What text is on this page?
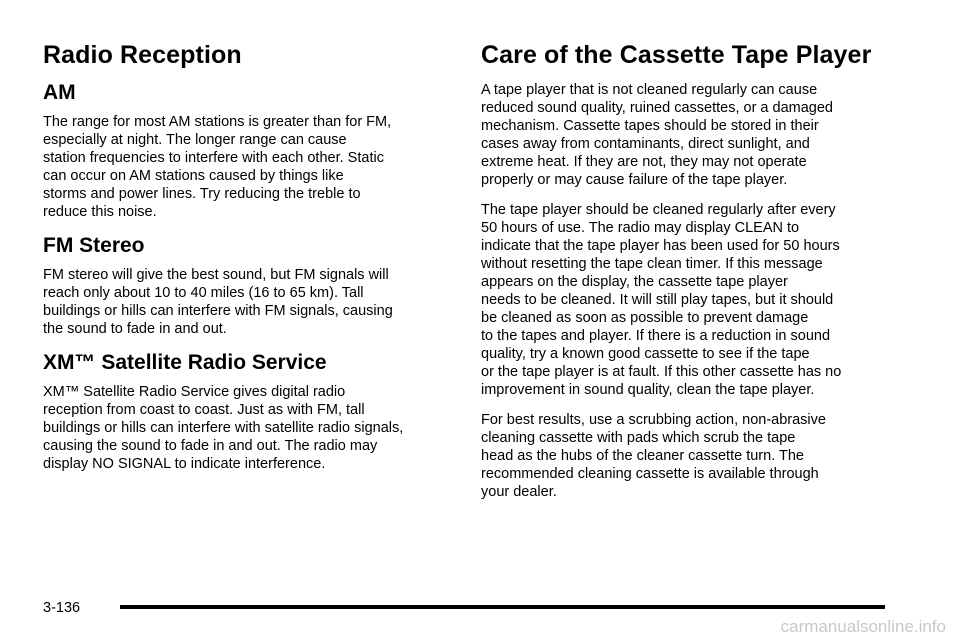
Radio Reception
AM

The range for most AM stations is greater than for FM,
especially at night. The longer range can cause
station frequencies to interfere with each other. Static
can occur on AM stations caused by things like
storms and power lines. Try reducing the treble to
reduce this noise.

FM Stereo

FM stereo will give the best sound, but FM signals will
reach only about 10 to 40 miles (16 to 65 km). Tall
buildings or hills can interfere with FM signals, causing
the sound to fade in and out.

XM™ Satellite Radio Service

XM™ Satellite Radio Service gives digital radio
reception from coast to coast. Just as with FM, tall
buildings or hills can interfere with satellite radio signals,
causing the sound to fade in and out. The radio may
display NO SIGNAL to indicate interference.

Care of the Cassette Tape Player

A tape player that is not cleaned regularly can cause
reduced sound quality, ruined cassettes, or a damaged
mechanism. Cassette tapes should be stored in their
cases away from contaminants, direct sunlight, and
extreme heat. If they are not, they may not operate
properly or may cause failure of the tape player.

The tape player should be cleaned regularly after every
50 hours of use. The radio may display CLEAN to
indicate that the tape player has been used for 50 hours
without resetting the tape clean timer. If this message
appears on the display, the cassette tape player
needs to be cleaned. It will still play tapes, but it should
be cleaned as soon as possible to prevent damage
to the tapes and player. If there is a reduction in sound
quality, try a known good cassette to see if the tape
or the tape player is at fault. If this other cassette has no
improvement in sound quality, clean the tape player.

For best results, use a scrubbing action, non-abrasive
cleaning cassette with pads which scrub the tape
head as the hubs of the cleaner cassette turn. The
recommended cleaning cassette is available through
your dealer.

3-136
carmanualsonline.info
